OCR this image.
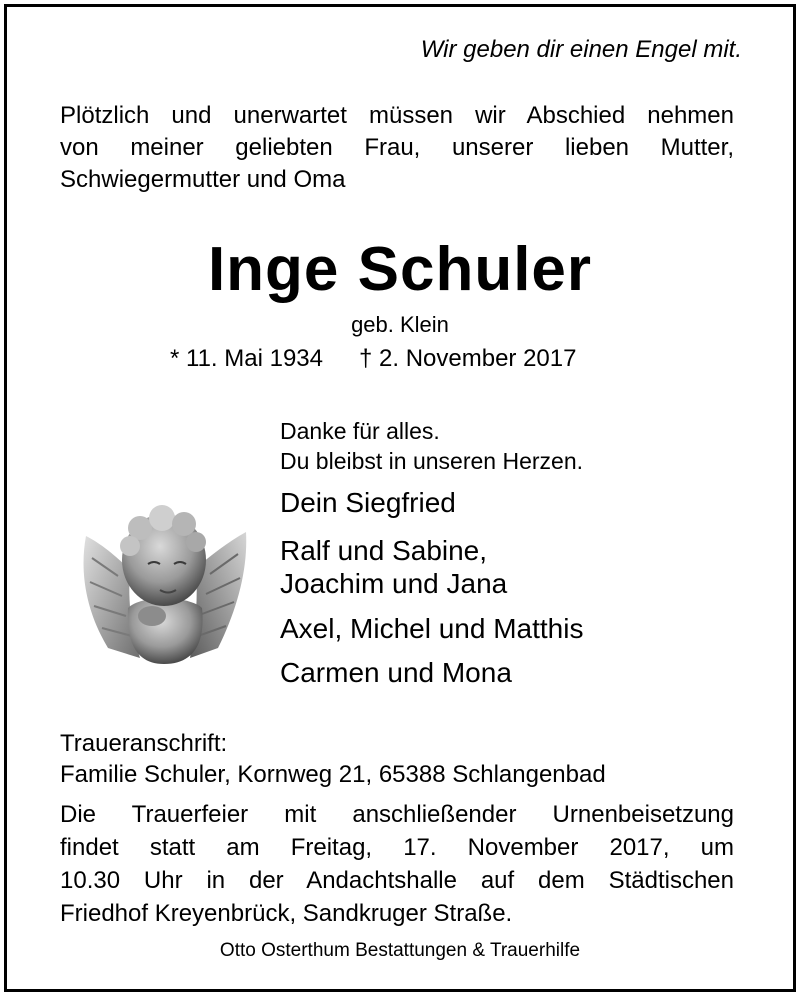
Wir geben dir einen Engel mit.
Plötzlich und unerwartet müssen wir Abschied nehmen
von meiner geliebten Frau, unserer lieben Mutter,
Schwiegermutter und Oma
Inge Schuler
geb. Klein
* 11. Mai 1934 † 2. November 2017
Danke für alles.
Du bleibst in unseren Herzen.
Dein Siegfried
Ralf und Sabine,
Joachim und Jana
Axel, Michel und Matthis
Carmen und Mona
Traueranschrift:
Familie Schuler, Kornweg 21, 65388 Schlangenbad
Die Trauerfeier mit anschließender Urnenbeisetzung
findet statt am Freitag, 17. November 2017, um
10.30 Uhr in der Andachtshalle auf dem Städtischen
Friedhof Kreyenbrück, Sandkruger Straße.
Otto Osterthum Bestattungen & Trauerhilfe
